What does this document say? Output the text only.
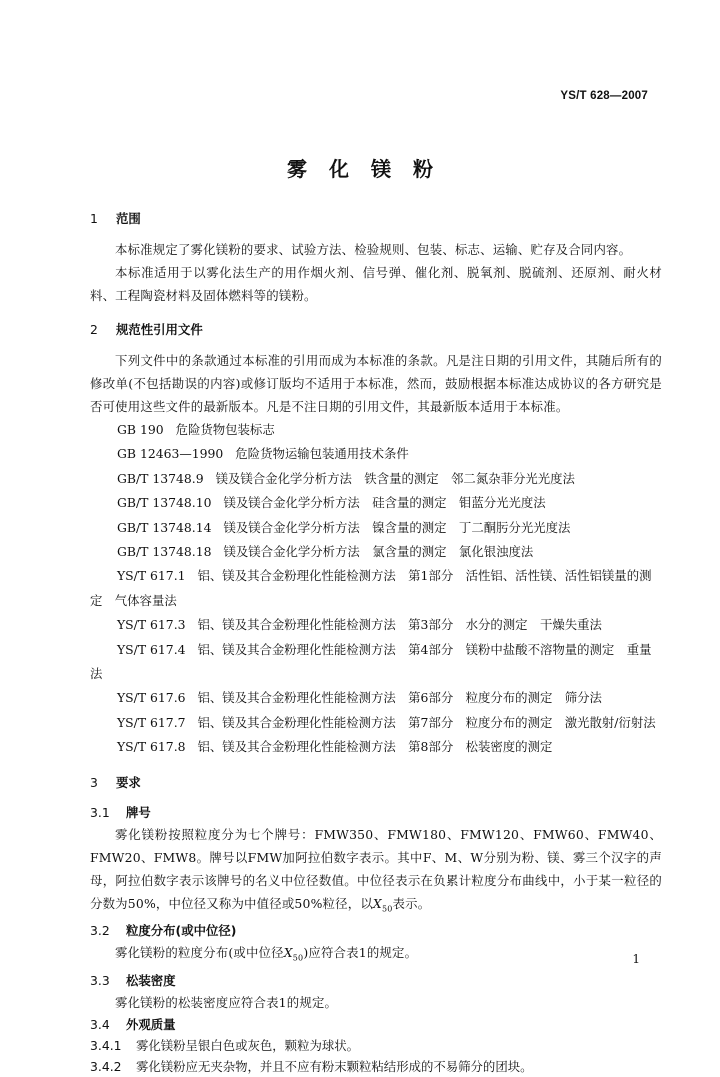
YS/T 628—2007
雾化镁粉
1 范围
本标准规定了雾化镁粉的要求、试验方法、检验规则、包装、标志、运输、贮存及合同内容。
本标准适用于以雾化法生产的用作烟火剂、信号弹、催化剂、脱氧剂、脱硫剂、还原剂、耐火材料、工程陶瓷材料及固体燃料等的镁粉。
2 规范性引用文件
下列文件中的条款通过本标准的引用而成为本标准的条款。凡是注日期的引用文件，其随后所有的修改单(不包括勘误的内容)或修订版均不适用于本标准，然而，鼓励根据本标准达成协议的各方研究是否可使用这些文件的最新版本。凡是不注日期的引用文件，其最新版本适用于本标准。
GB 190 危险货物包装标志
GB 12463—1990 危险货物运输包装通用技术条件
GB/T 13748.9 镁及镁合金化学分析方法　铁含量的测定　邻二氮杂菲分光光度法
GB/T 13748.10 镁及镁合金化学分析方法　硅含量的测定　钼蓝分光光度法
GB/T 13748.14 镁及镁合金化学分析方法　镍含量的测定　丁二酮肟分光光度法
GB/T 13748.18 镁及镁合金化学分析方法　氯含量的测定　氯化银浊度法
YS/T 617.1 铝、镁及其合金粉理化性能检测方法　第1部分　活性铝、活性镁、活性铝镁量的测定　气体容量法
YS/T 617.3 铝、镁及其合金粉理化性能检测方法　第3部分　水分的测定　干燥失重法
YS/T 617.4 铝、镁及其合金粉理化性能检测方法　第4部分　镁粉中盐酸不溶物量的测定　重量法
YS/T 617.6 铝、镁及其合金粉理化性能检测方法　第6部分　粒度分布的测定　筛分法
YS/T 617.7 铝、镁及其合金粉理化性能检测方法　第7部分　粒度分布的测定　激光散射/衍射法
YS/T 617.8 铝、镁及其合金粉理化性能检测方法　第8部分　松装密度的测定
3 要求
3.1 牌号
雾化镁粉按照粒度分为七个牌号：FMW350、FMW180、FMW120、FMW60、FMW40、FMW20、FMW8。牌号以FMW加阿拉伯数字表示。其中F、M、W分别为粉、镁、雾三个汉字的声母，阿拉伯数字表示该牌号的名义中位径数值。中位径表示在负累计粒度分布曲线中，小于某一粒径的分数为50%，中位径又称为中值径或50%粒径，以$X_{50}$表示。
3.2 粒度分布(或中位径)
雾化镁粉的粒度分布(或中位径$X_{50}$)应符合表1的规定。
3.3 松装密度
雾化镁粉的松装密度应符合表1的规定。
3.4 外观质量
3.4.1 雾化镁粉呈银白色或灰色，颗粒为球状。
3.4.2 雾化镁粉应无夹杂物，并且不应有粉末颗粒粘结形成的不易筛分的团块。
1
